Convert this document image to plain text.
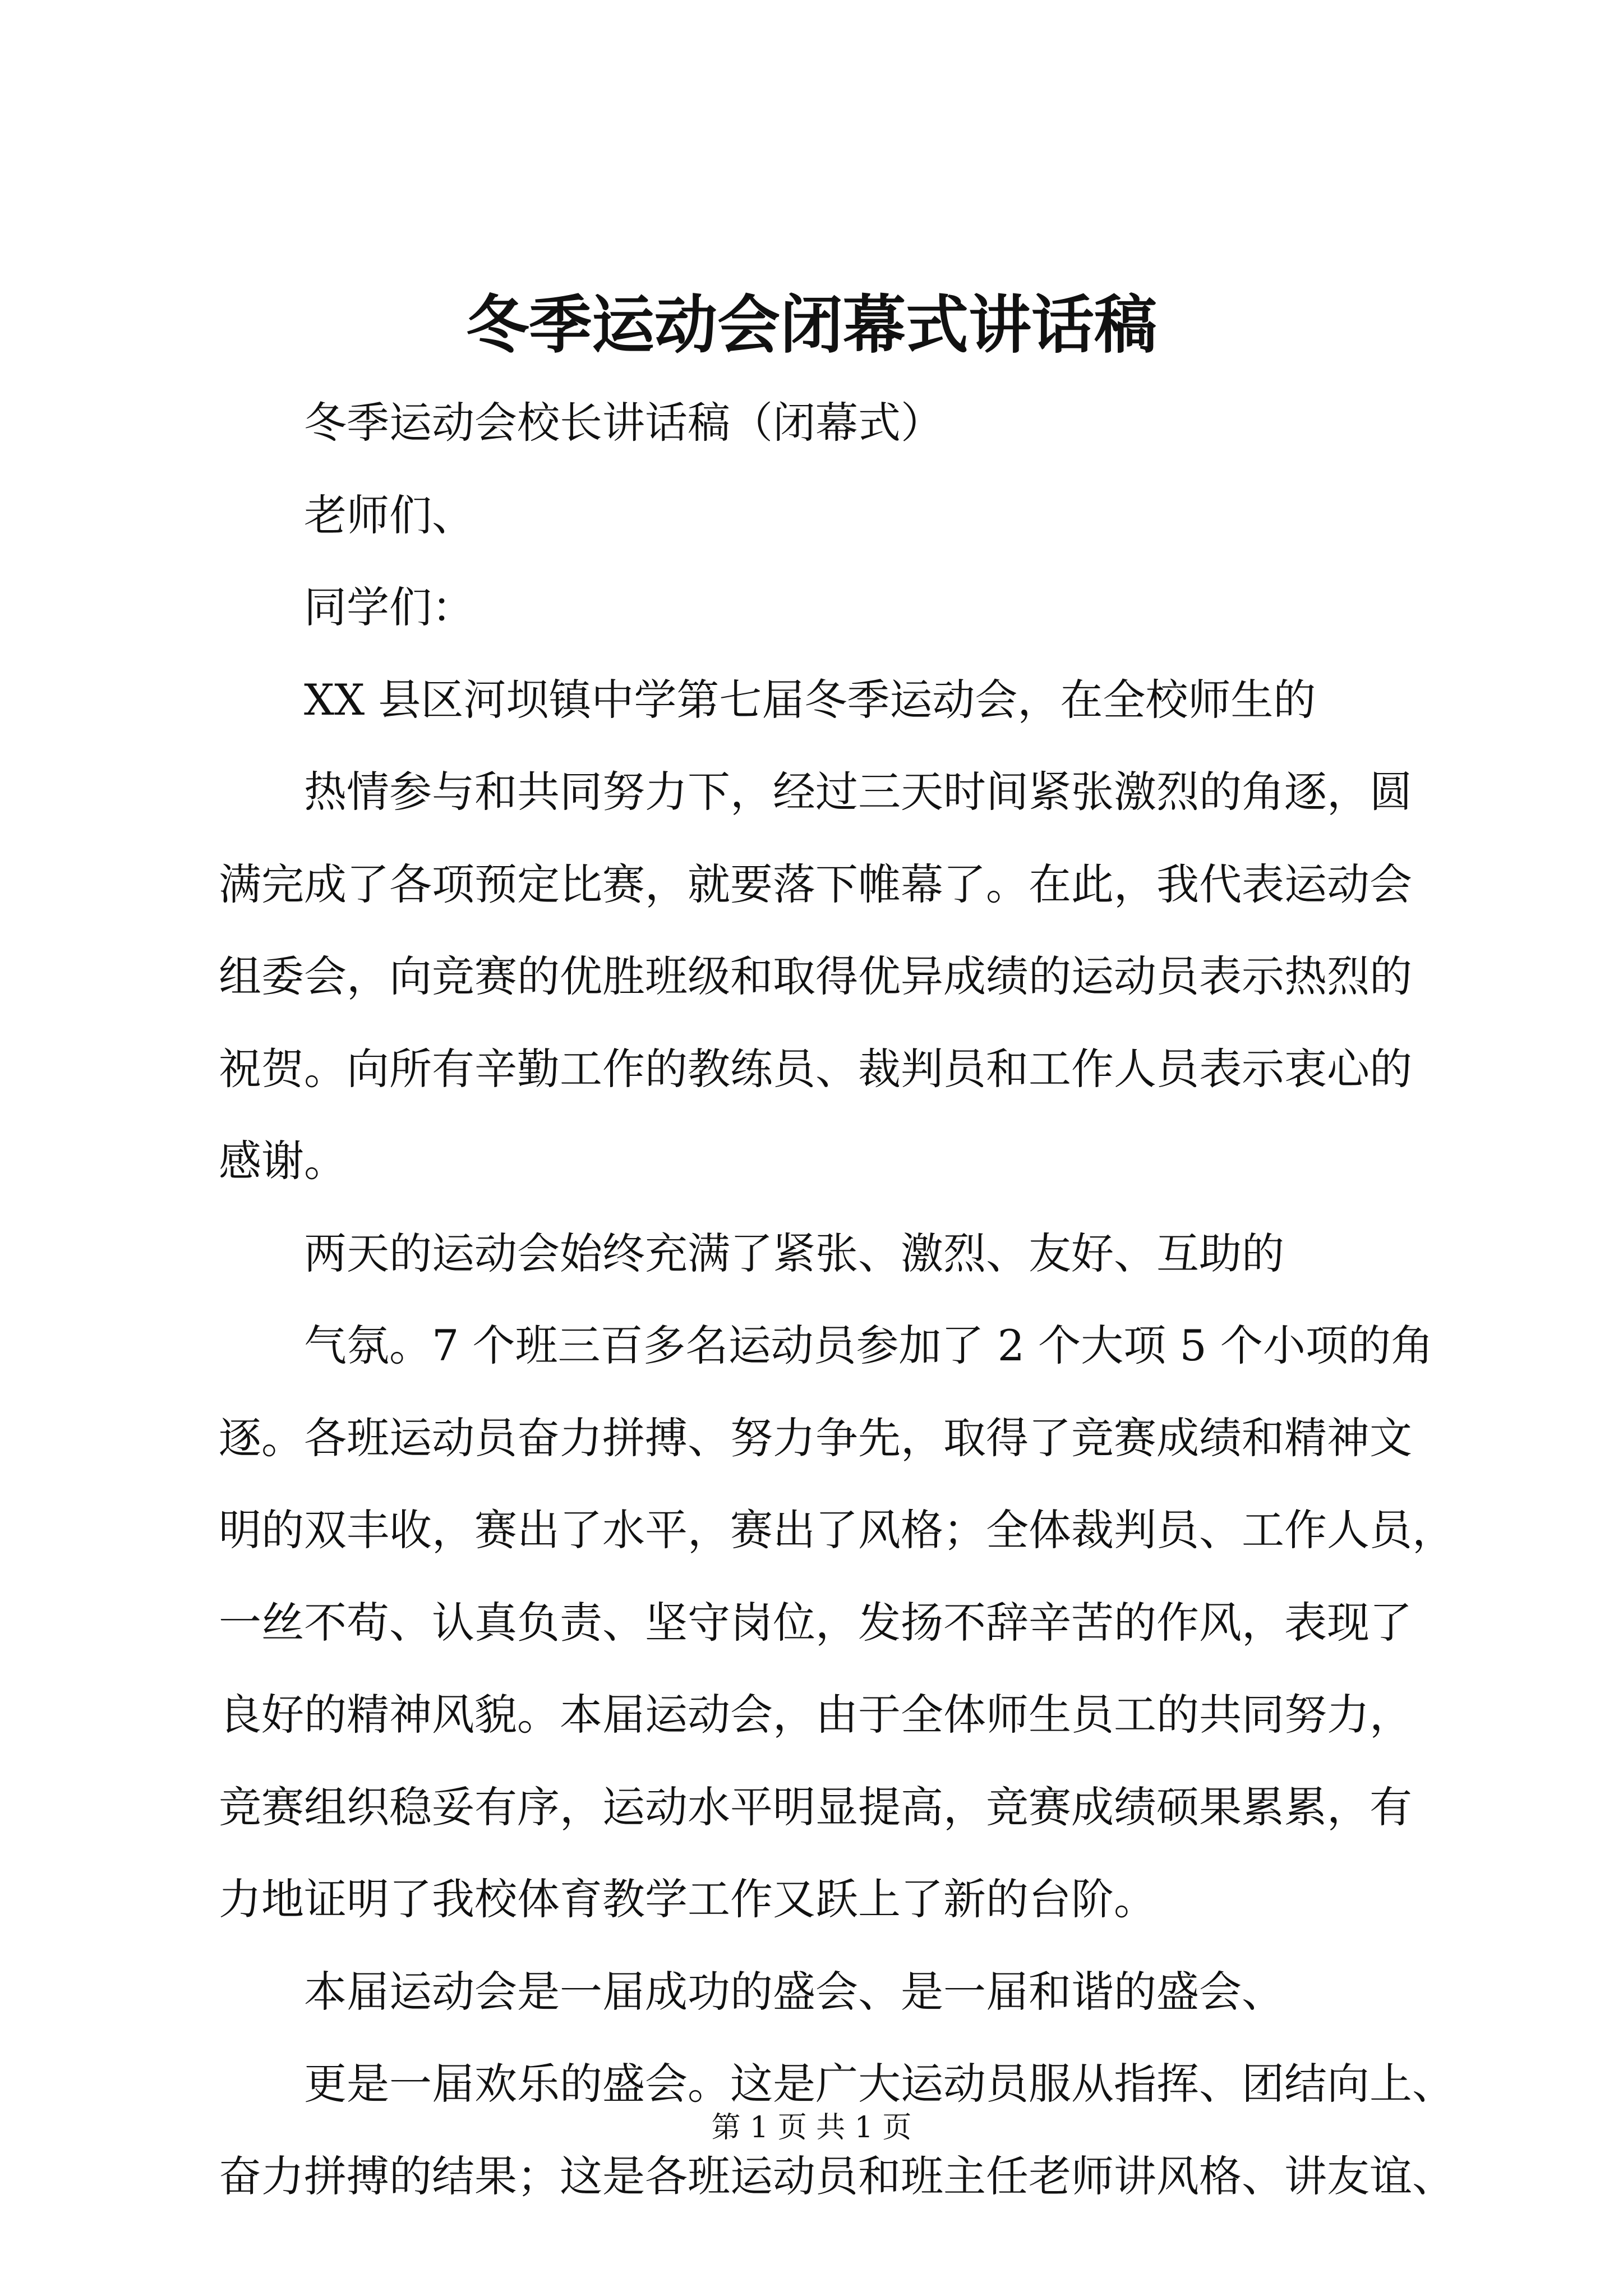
冬季运动会闭幕式讲话稿
冬季运动会校长讲话稿（闭幕式）
老师们、
同学们：
XX 县区河坝镇中学第七届冬季运动会，在全校师生的
热情参与和共同努力下，经过三天时间紧张激烈的角逐，圆
满完成了各项预定比赛，就要落下帷幕了。在此，我代表运动会
组委会，向竞赛的优胜班级和取得优异成绩的运动员表示热烈的
祝贺。向所有辛勤工作的教练员、裁判员和工作人员表示衷心的
感谢。
两天的运动会始终充满了紧张、激烈、友好、互助的
气氛。7 个班三百多名运动员参加了 2 个大项 5 个小项的角
逐。各班运动员奋力拼搏、努力争先，取得了竞赛成绩和精神文
明的双丰收，赛出了水平，赛出了风格；全体裁判员、工作人员，
一丝不苟、认真负责、坚守岗位，发扬不辞辛苦的作风，表现了
良好的精神风貌。本届运动会，由于全体师生员工的共同努力，
竞赛组织稳妥有序，运动水平明显提高，竞赛成绩硕果累累，有
力地证明了我校体育教学工作又跃上了新的台阶。
本届运动会是一届成功的盛会、是一届和谐的盛会、
更是一届欢乐的盛会。这是广大运动员服从指挥、团结向上、
奋力拼搏的结果；这是各班运动员和班主任老师讲风格、讲友谊、
第 1 页 共 1 页
